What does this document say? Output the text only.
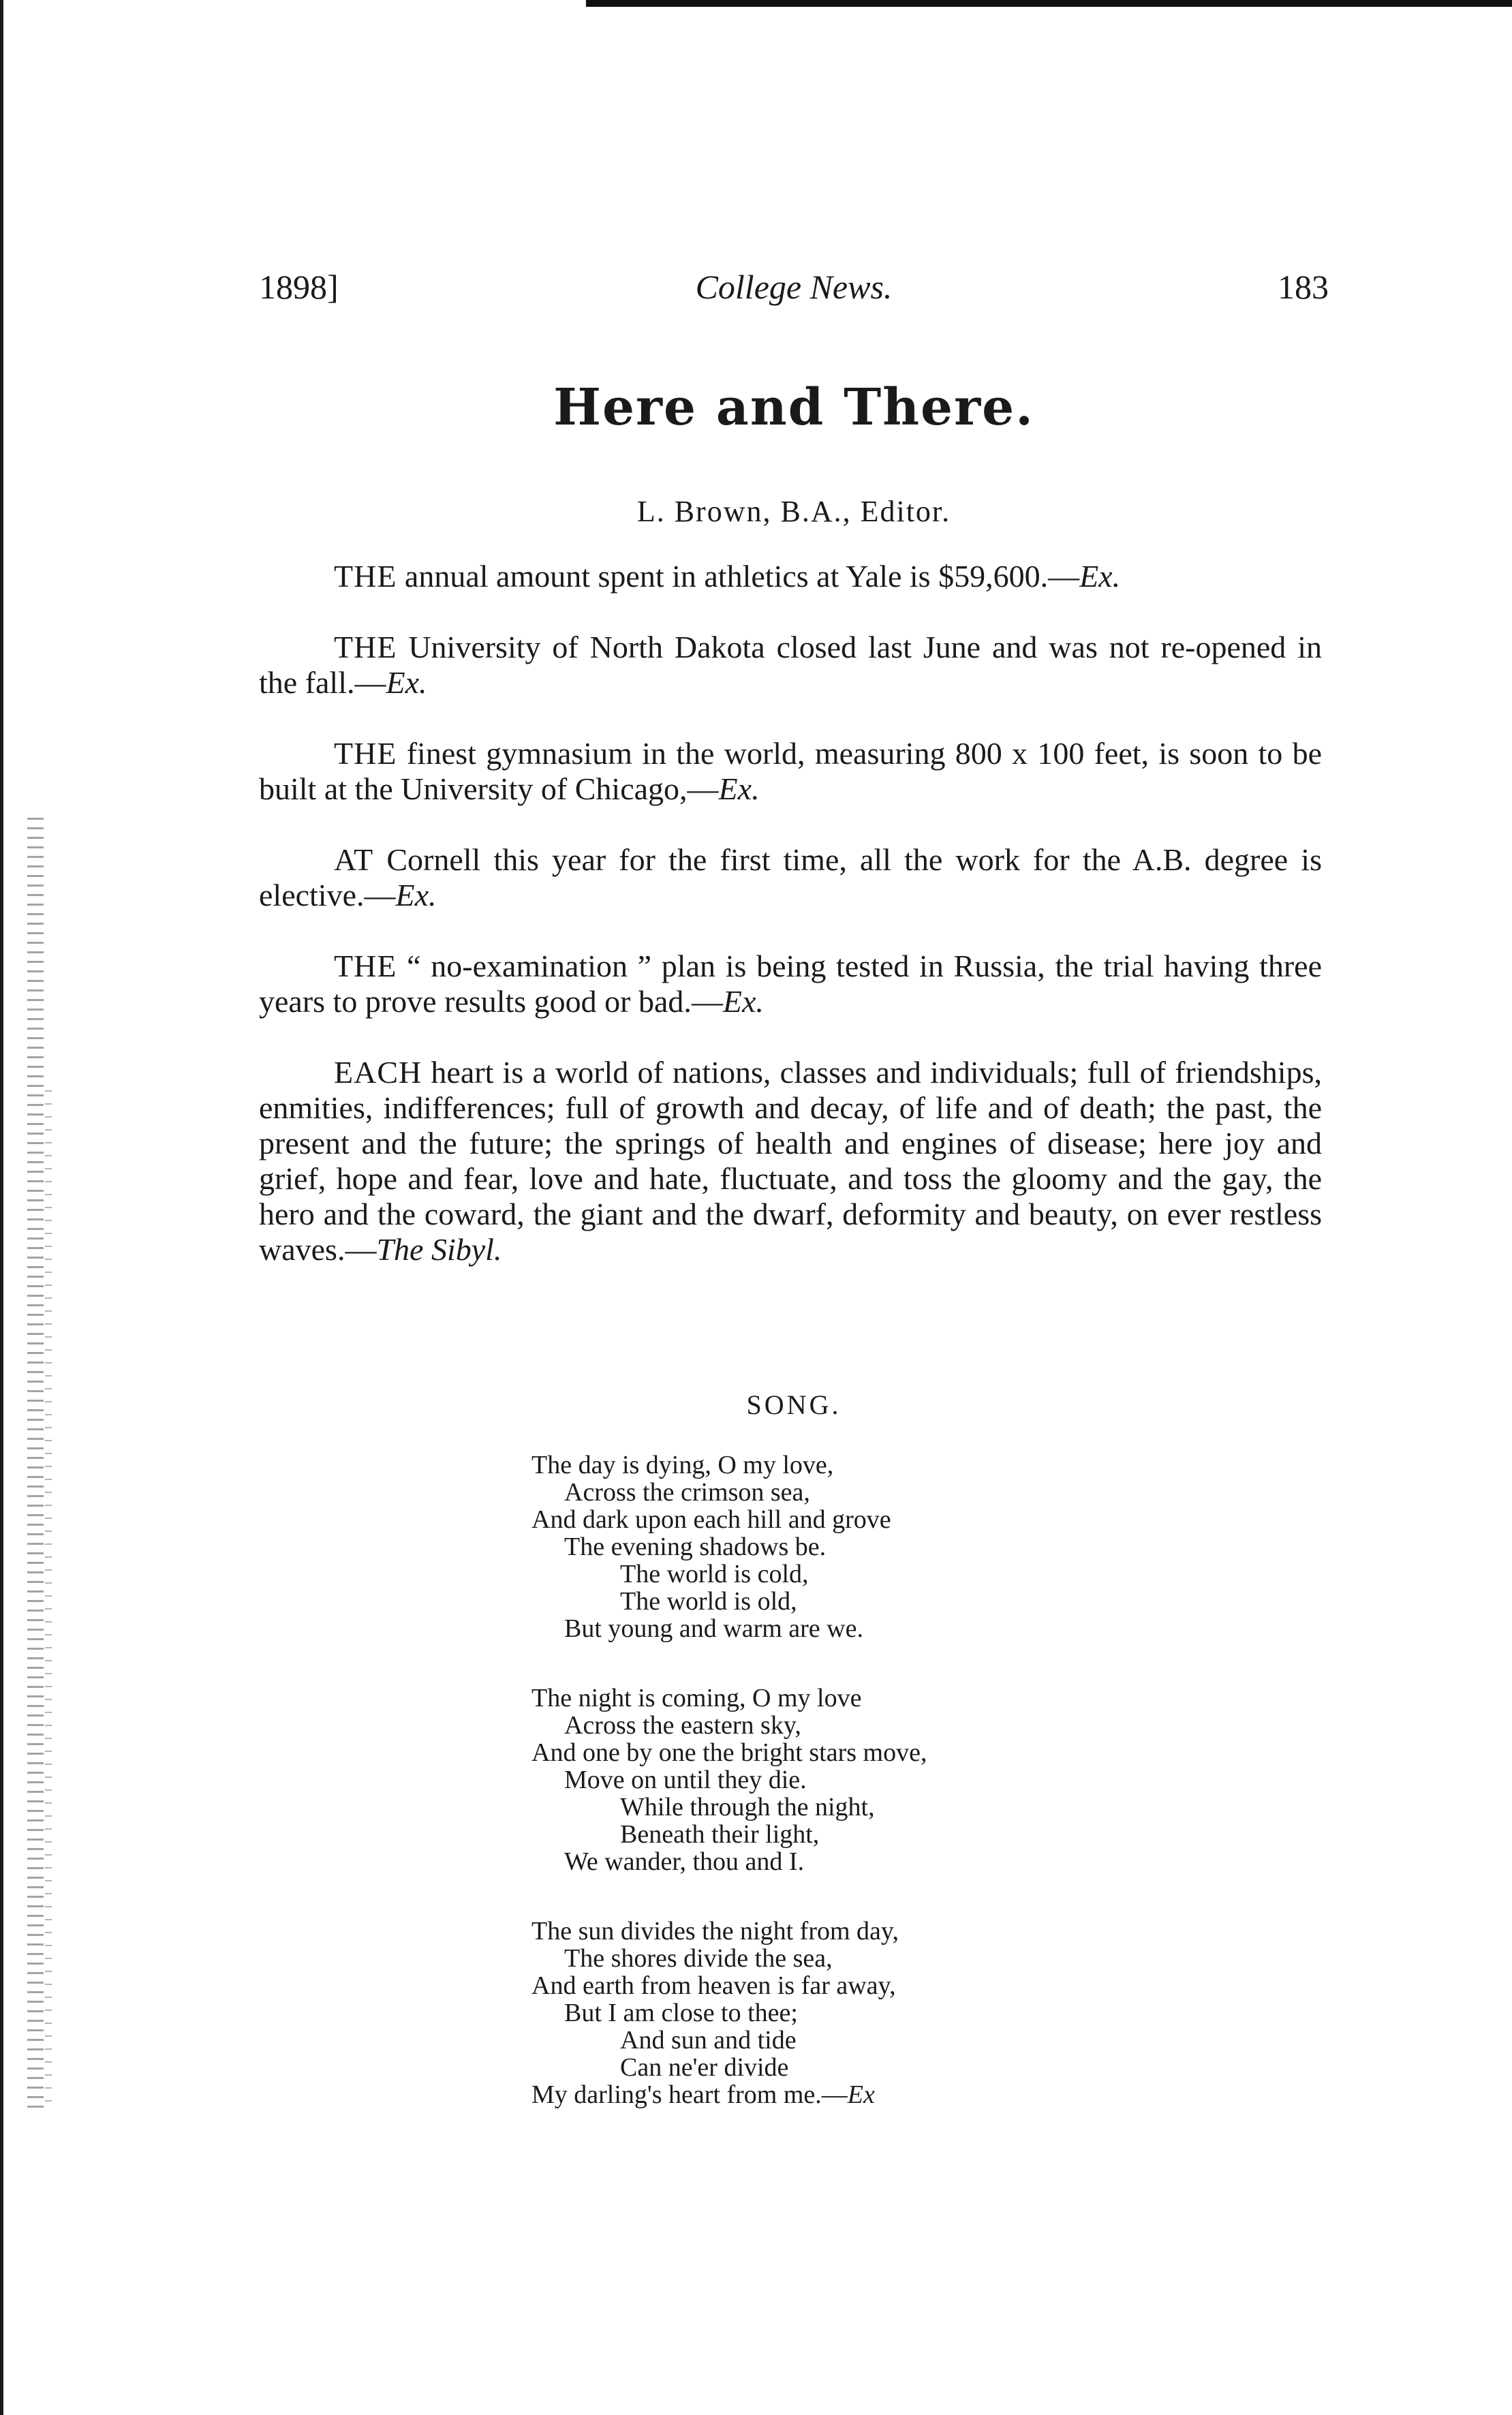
1898]	College News.	183
Here and There.
L. Brown, B.A., Editor.

THE annual amount spent in athletics at Yale is $59,600.—Ex.

THE University of North Dakota closed last June and was not re-opened in the fall.—Ex.

THE finest gymnasium in the world, measuring 800 x 100 feet, is soon to be built at the University of Chicago,—Ex.

AT Cornell this year for the first time, all the work for the A.B. degree is elective.—Ex.

THE “ no-examination ” plan is being tested in Russia, the trial having three years to prove results good or bad.—Ex.

EACH heart is a world of nations, classes and individuals; full of friendships, enmities, indifferences; full of growth and decay, of life and of death; the past, the present and the future; the springs of health and engines of disease; here joy and grief, hope and fear, love and hate, fluctuate, and toss the gloomy and the gay, the hero and the coward, the giant and the dwarf, deformity and beauty, on ever restless waves.—The Sibyl.

SONG.
The day is dying, O my love,
Across the crimson sea,
And dark upon each hill and grove
The evening shadows be.
The world is cold,
The world is old,
But young and warm are we.
The night is coming, O my love
Across the eastern sky,
And one by one the bright stars move,
Move on until they die.
While through the night,
Beneath their light,
We wander, thou and I.
The sun divides the night from day,
The shores divide the sea,
And earth from heaven is far away,
But I am close to thee;
And sun and tide
Can ne'er divide
My darling's heart from me.—Ex
